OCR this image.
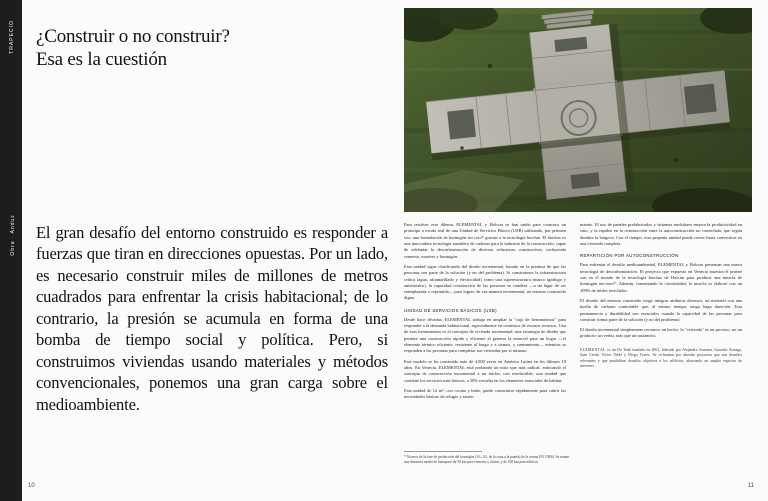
TRAPECIO
Obra · Anduz
10	11
¿Construir o no construir?
Esa es la cuestión
El gran desafío del entorno construido es responder a fuerzas que tiran en direcciones opuestas. Por un lado, es necesario construir miles de millones de metros cuadrados para enfrentar la crisis habitacional; de lo contrario, la presión se acumula en forma de una bomba de tiempo social y política. Pero, si construimos viviendas usando materiales y métodos convencionales, ponemos una gran carga sobre el medioambiente.

Para resolver este dilema, ELEMENTAL y Holcim se han unido para construir un prototipo a escala real de una Unidad de Servicios Básico (USB) utilizando, por primera vez, una formulación de hormigón sin cero* gracias a la tecnología biochar. El biochar es una innovadora tecnología sumidero de carbono para la industria de la construcción, capaz de adelantar la descarbonización de diversas soluciones constructivas, incluyendo cemento, mortero y hormigón.

Esta unidad sigue clasificando del diseño incremental, basado en la premisa de que las personas son parte de la solución (y no del problema). Si construimos la infraestructura crítica (agua, alcantarillado y electricidad) como una superestructura (marco ignífugo y antisísmico), la capacidad constructiva de las personas se canaliza —a un lugar de ser reemplazada o reprimida— para lograr, de esa manera incremental, un entorno construido digno.

UNIDAD DE SERVICIOS BÁSICOS (USB)

Desde hace décadas, ELEMENTAL trabaja en ampliar la "caja de herramientas" para responder a la demanda habitacional, especialmente en contextos de escasos recursos. Una de esas herramientas es el concepto de vivienda incremental: una estrategia de diseño que permite una construcción rápida y eficiente al generar la esencial pasa un hogar —el elemento térmico eficiente, resistente al fuego y a sismos, y saneamiento— mientras se responden a las personas para completar sus viviendas por sí mismas.

Este modelo se ha construido más de 4.000 veces en América Latina en los últimos 10 años. En Venecia, ELEMENTAL está probando un mito que más radical, enfocando el concepto de construcción incremental a un núcleo casi irreductible: una unidad que contiene los servicios más básicos, a 30% resuelta en los elementos esenciales de habitar.

Esta unidad de 12 m², con cocina y baño, puede construirse rápidamente para cubrir las necesidades básicas de refugio y sanea-

miento. El uso de paneles prefabricados y sistemas modulares mejora la productividad en sitio, y la rapidez en la construcción entre la autoconstrucción no controlada, que según durabre la longeva. Con el tiempo, esta pequeña unidad puede crecer hasta convertirse en una vivienda completa.

REPARTICIÓN POR AUTOCONSTRUCCIÓN

Para enfrentar el desafío medioambiental, ELEMENTAL y Holcim presentan una nueva tecnología de descarbonización. El proyecto que expuesto en Venecia muestra el primer con en el mundo de la tecnología biochar de Holcim para producir una mezcla de hormigón net-zero*. Además, fomentando la circularidad, la mezcla se elaboró con un 100% de áridos reciclados.

El desafío del entorno construido exige integrar atributos diversos: un material con una huella de carbono controlable que, al mismo tiempo, tenga larga duración. Esta permanencia y durabilidad son esenciales cuando la capacidad de las personas para construir forma parte de la solución (y no del problema).

El diseño incremental simplemente reconoce un hecho: la "vivienda" es un proceso, no un producto: un verbo, más que un sustantivo.

ELEMENTAL es un Do Tank fundado en 2001, liderado por Alejandro Aravena, Gonzalo Arteaga, Juan Cerda, Víctor Oddó y Diego Torres. Se re-fundan por abordar proyectos que son desafíos relevantes y que posibilitan desafíos objetivos a los edificios, abarcando un amplio espectro de intereses.
* Alcance de la fase de producción del hormigón (A1–A3, de la cuna a la puerta) de la norma EN 15804. Se toman una distancia media de transporte de 50 km para cemento y áridos, y de 100 km para aditivos.
